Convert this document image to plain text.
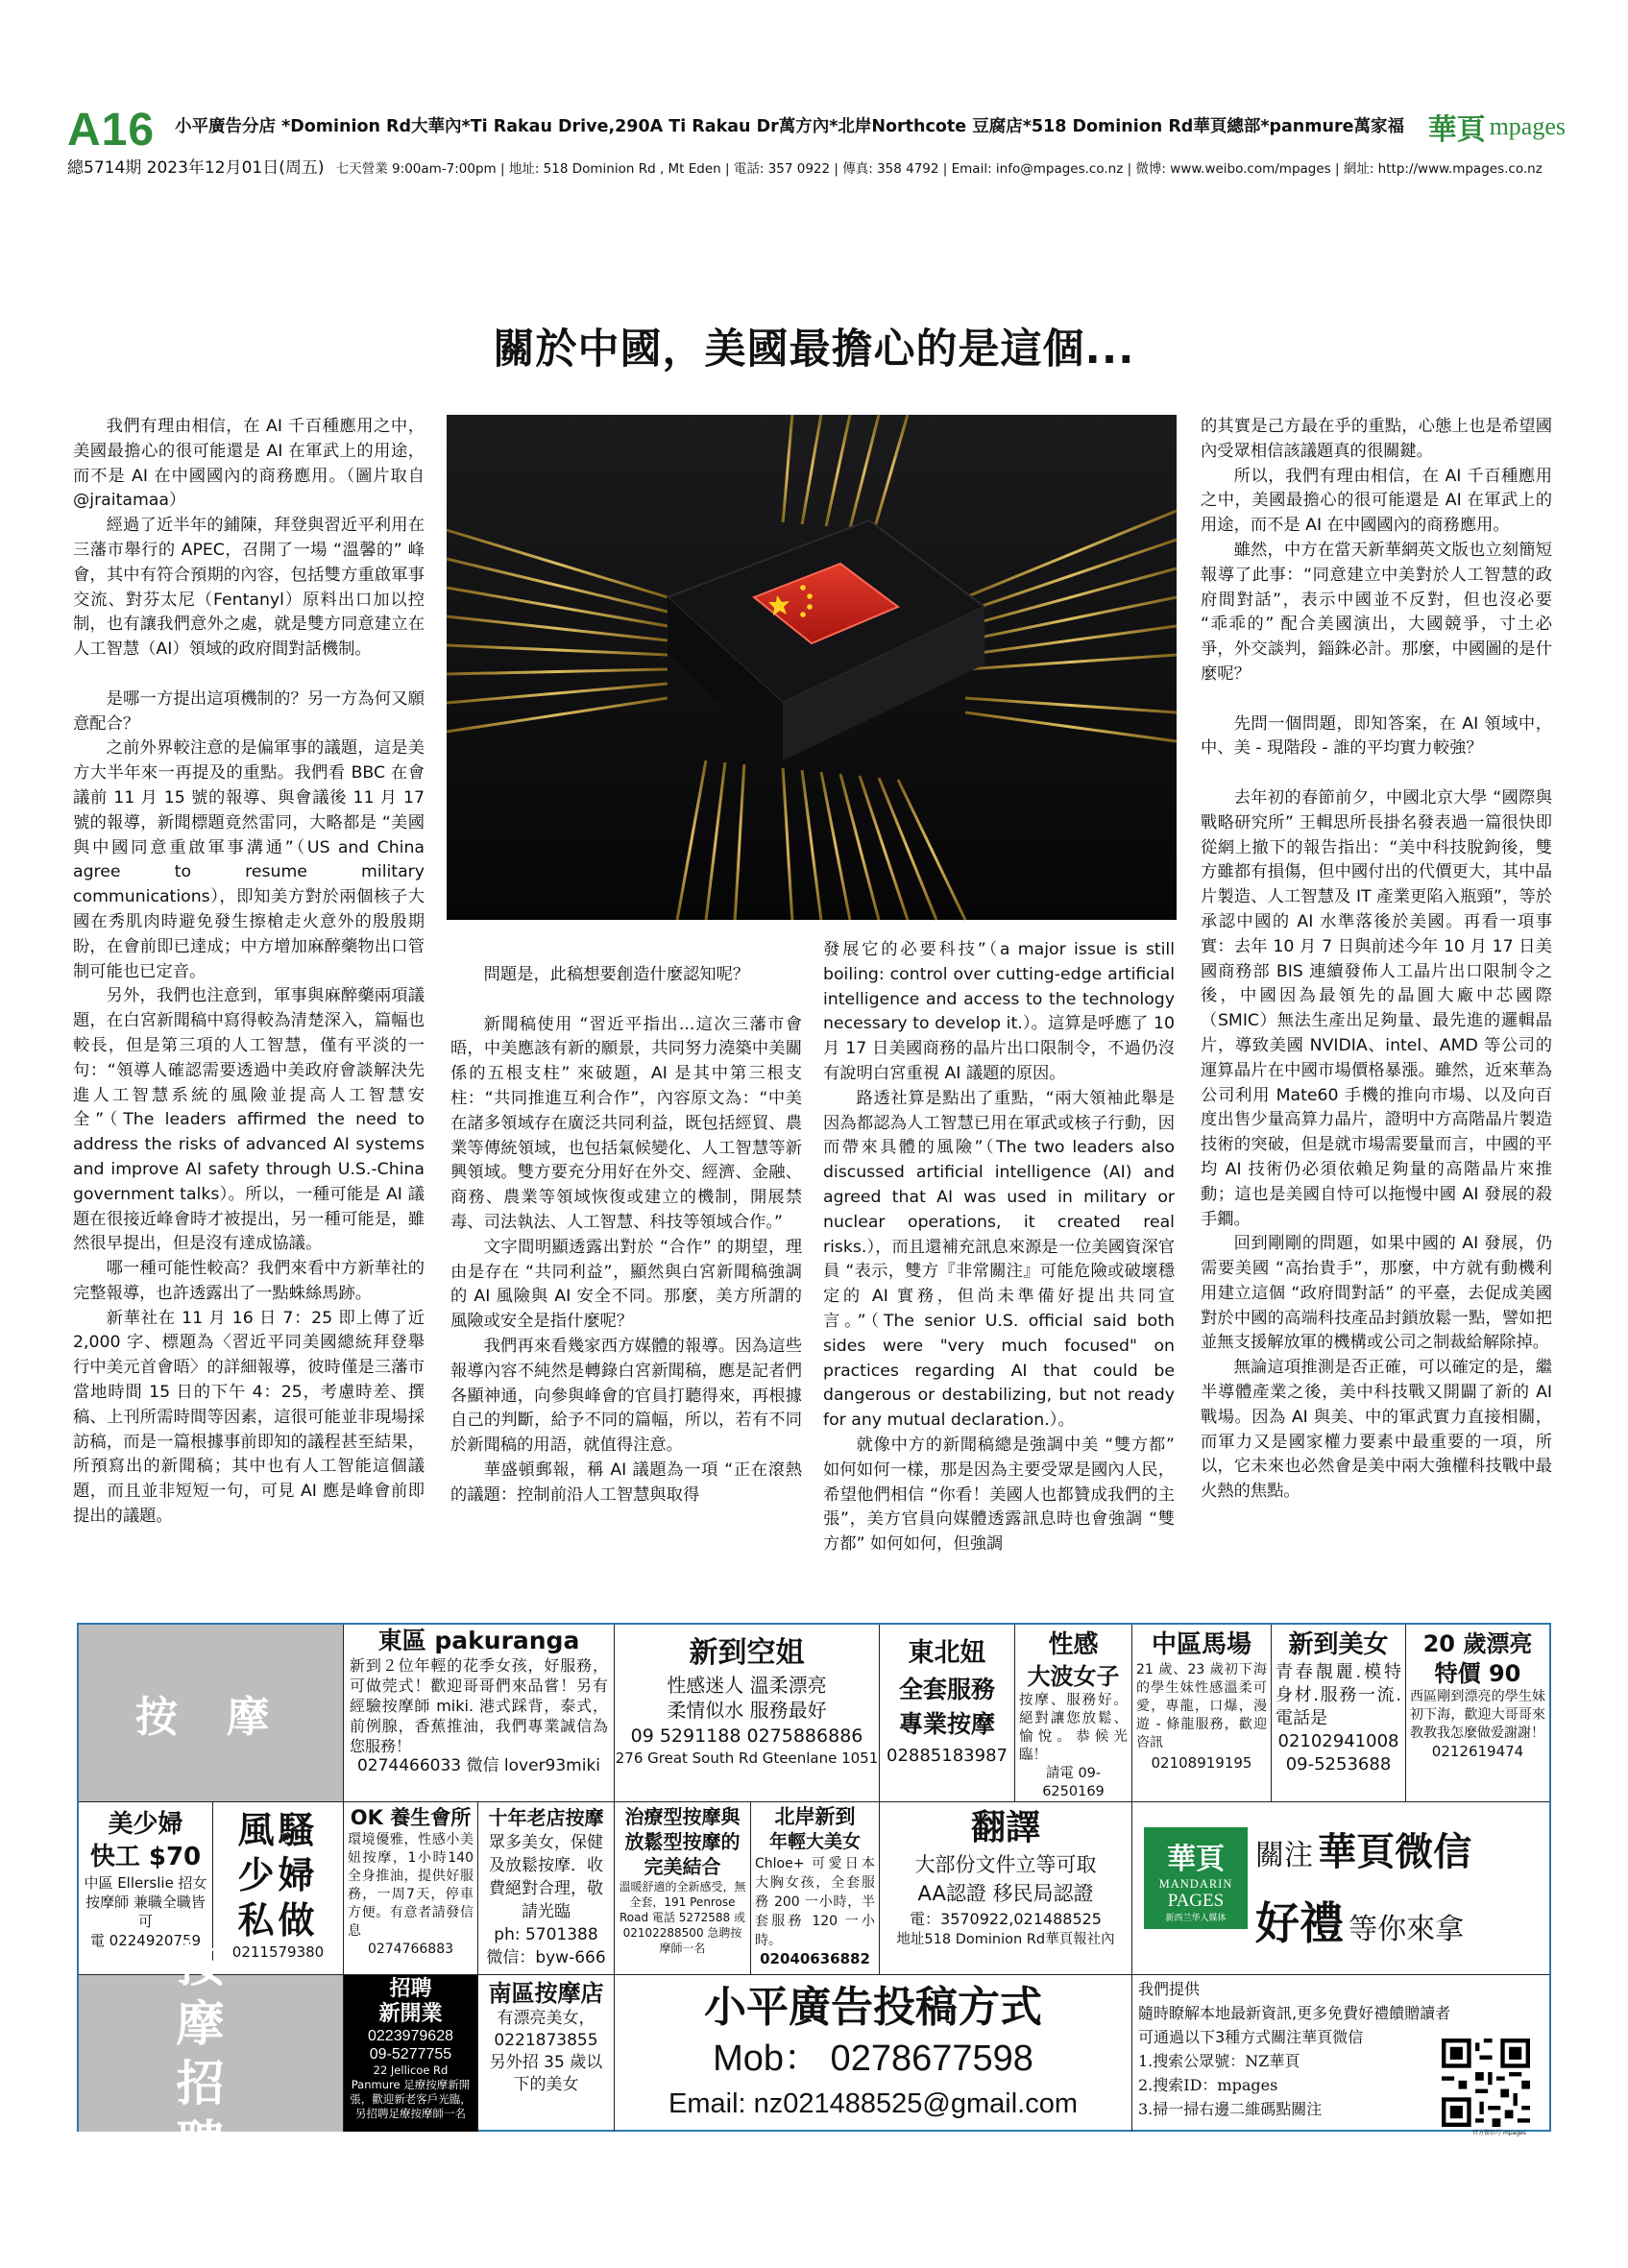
A16 小平廣告分店 *Dominion Rd大華內*Ti Rakau Drive,290A Ti Rakau Dr萬方內*北岸Northcote 豆腐店*518 Dominion Rd華頁總部*panmure萬家福
總5714期 2023年12月01日(周五) 七天營業 9:00am-7:00pm | 地址: 518 Dominion Rd , Mt Eden | 電話: 357 0922 | 傳真: 358 4792 | Email: info@mpages.co.nz | 微博: www.weibo.com/mpages | 網址: http://www.mpages.co.nz
華頁 mpages
關於中國，美國最擔心的是這個...

我們有理由相信，在 AI 千百種應用之中，美國最擔心的很可能還是 AI 在軍武上的用途，而不是 AI 在中國國內的商務應用。（圖片取自 @jraitamaa）

經過了近半年的鋪陳，拜登與習近平利用在三藩市舉行的 APEC，召開了一場 “溫馨的” 峰會，其中有符合預期的內容，包括雙方重啟軍事交流、對芬太尼（Fentanyl）原料出口加以控制，也有讓我們意外之處，就是雙方同意建立在人工智慧（AI）領域的政府間對話機制。

是哪一方提出這項機制的？另一方為何又願意配合？

之前外界較注意的是偏軍事的議題，這是美方大半年來一再提及的重點。我們看 BBC 在會議前 11 月 15 號的報導、與會議後 11 月 17 號的報導，新聞標題竟然雷同，大略都是 “美國與中國同意重啟軍事溝通”（US and China agree to resume military communications），即知美方對於兩個核子大國在秀肌肉時避免發生擦槍走火意外的殷殷期盼，在會前即已達成；中方增加麻醉藥物出口管制可能也已定音。

另外，我們也注意到，軍事與麻醉藥兩項議題，在白宮新聞稿中寫得較為清楚深入，篇幅也較長，但是第三項的人工智慧，僅有平淡的一句：“領導人確認需要透過中美政府會談解決先進人工智慧系統的風險並提高人工智慧安全”（The leaders affirmed the need to address the risks of advanced AI systems and improve AI safety through U.S.-China government talks）。所以，一種可能是 AI 議題在很接近峰會時才被提出，另一種可能是，雖然很早提出，但是沒有達成協議。

哪一種可能性較高？我們來看中方新華社的完整報導，也許透露出了一點蛛絲馬跡。

新華社在 11 月 16 日 7：25 即上傳了近 2,000 字、標題為〈習近平同美國總統拜登舉行中美元首會晤〉的詳細報導，彼時僅是三藩市當地時間 15 日的下午 4：25，考慮時差、撰稿、上刊所需時間等因素，這很可能並非現場採訪稿，而是一篇根據事前即知的議程甚至結果，所預寫出的新聞稿；其中也有人工智能這個議題，而且並非短短一句，可見 AI 應是峰會前即提出的議題。

問題是，此稿想要創造什麼認知呢？

新聞稿使用 “習近平指出...這次三藩市會晤，中美應該有新的願景，共同努力澆築中美關係的五根支柱” 來破題，AI 是其中第三根支柱：“共同推進互利合作”，內容原文為：“中美在諸多領域存在廣泛共同利益，既包括經貿、農業等傳統領域，也包括氣候變化、人工智慧等新興領域。雙方要充分用好在外交、經濟、金融、商務、農業等領域恢復或建立的機制，開展禁毒、司法執法、人工智慧、科技等領域合作。”

文字間明顯透露出對於 “合作” 的期望，理由是存在 “共同利益”，顯然與白宮新聞稿強調的 AI 風險與 AI 安全不同。那麼，美方所謂的風險或安全是指什麼呢？

我們再來看幾家西方媒體的報導。因為這些報導內容不純然是轉錄白宮新聞稿，應是記者們各顯神通，向參與峰會的官員打聽得來，再根據自己的判斷，給予不同的篇幅，所以，若有不同於新聞稿的用語，就值得注意。

華盛頓郵報，稱 AI 議題為一項 “正在滾熱的議題：控制前沿人工智慧與取得

發展它的必要科技”（a major issue is still boiling: control over cutting-edge artificial intelligence and access to the technology necessary to develop it.）。這算是呼應了 10 月 17 日美國商務的晶片出口限制令，不過仍沒有說明白宮重視 AI 議題的原因。

路透社算是點出了重點，“兩大領袖此舉是因為都認為人工智慧已用在軍武或核子行動，因而帶來具體的風險”（The two leaders also discussed artificial intelligence (AI) and agreed that AI was used in military or nuclear operations, it created real risks.），而且還補充訊息來源是一位美國資深官員 “表示，雙方『非常關注』可能危險或破壞穩定的 AI 實務，但尚未準備好提出共同宣言。”（The senior U.S. official said both sides were "very much focused" on practices regarding AI that could be dangerous or destabilizing, but not ready for any mutual declaration.）。

就像中方的新聞稿總是強調中美 “雙方都” 如何如何一樣，那是因為主要受眾是國內人民，希望他們相信 “你看！美國人也都贊成我們的主張”，美方官員向媒體透露訊息時也會強調 “雙方都” 如何如何，但強調

的其實是己方最在乎的重點，心態上也是希望國內受眾相信該議題真的很關鍵。

所以，我們有理由相信，在 AI 千百種應用之中，美國最擔心的很可能還是 AI 在軍武上的用途，而不是 AI 在中國國內的商務應用。

雖然，中方在當天新華網英文版也立刻簡短報導了此事：“同意建立中美對於人工智慧的政府間對話”，表示中國並不反對，但也沒必要 “乖乖的” 配合美國演出，大國競爭，寸土必爭，外交談判，錙銖必計。那麼，中國圖的是什麼呢？

先問一個問題，即知答案，在 AI 領域中，中、美 - 現階段 - 誰的平均實力較強？

去年初的春節前夕，中國北京大學 “國際與戰略研究所” 王輯思所長掛名發表過一篇很快即從網上撤下的報告指出：“美中科技脫鉤後，雙方雖都有損傷，但中國付出的代價更大，其中晶片製造、人工智慧及 IT 產業更陷入瓶頸”，等於承認中國的 AI 水準落後於美國。再看一項事實：去年 10 月 7 日與前述今年 10 月 17 日美國商務部 BIS 連續發佈人工晶片出口限制令之後，中國因為最領先的晶圓大廠中芯國際（SMIC）無法生產出足夠量、最先進的邏輯晶片，導致美國 NVIDIA、intel、AMD 等公司的運算晶片在中國市場價格暴漲。雖然，近來華為公司利用 Mate60 手機的推向市場、以及向百度出售少量高算力晶片，證明中方高階晶片製造技術的突破，但是就市場需要量而言，中國的平均 AI 技術仍必須依賴足夠量的高階晶片來推動；這也是美國自恃可以拖慢中國 AI 發展的殺手鐧。

回到剛剛的問題，如果中國的 AI 發展，仍需要美國 “高抬貴手”，那麼，中方就有動機利用建立這個 “政府間對話” 的平臺，去促成美國對於中國的高端科技產品封鎖放鬆一點，譬如把並無支援解放軍的機構或公司之制裁給解除掉。

無論這項推測是否正確，可以確定的是，繼半導體產業之後，美中科技戰又開闢了新的 AI 戰場。因為 AI 與美、中的軍武實力直接相關，而軍力又是國家權力要素中最重要的一項，所以，它未來也必然會是美中兩大強權科技戰中最火熱的焦點。

按 摩
東區 pakuranga
新到２位年輕的花季女孩，好服務，可做莞式！歡迎哥哥們來品嘗！另有經驗按摩師 miki. 港式踩背，泰式，前例腺，香蕉推油，我們專業誠信為您服務！
0274466033 微信 lover93miki
新到空姐
性感迷人 溫柔漂亮
柔情似水 服務最好
09 5291188 0275886886
276 Great South Rd Gteenlane 1051
東北妞
全套服務
專業按摩
02885183987
性感
大波女子
按摩、服務好。絕對讓您放鬆、愉悅。恭候光臨！
請電 09-6250169
中區馬場
21 歲、23 歲初下海的學生妹性感溫柔可愛，專龍，口爆，漫遊 - 條龍服務，歡迎咨訊
02108919195
新到美女
青春靚麗.模特身材.服務一流.電話是
02102941008
09-5253688
20 歲漂亮
特價 90
西區剛到漂亮的學生妹初下海，歡迎大哥哥來教教我怎麼做爱謝謝！
0212619474
美少婦
快工 $70
中區 Ellerslie 招女按摩師 兼職全職皆可
電 0224920759
風騷少婦私做
0211579380
OK 養生會所
環境優雅，性感小美妞按摩，1小時140全身推油，提供好服務，一周7天，停車方便。有意者請發信息
0274766883
十年老店按摩
眾多美女，保健及放鬆按摩．收費絕對合理，敬請光臨
ph: 5701388
微信：byw-666
治療型按摩與放鬆型按摩的完美結合
溫暖舒適的全新感受，無全套，191 Penrose Road 電話 5272588 或 02102288500 急聘按摩師一名
北岸新到
年輕大美女
Chloe+ 可愛日本大胸女孩，全套服務 200 一小時，半套服務 120 一小時。
02040636882
翻譯
大部份文件立等可取
AA認證 移民局認證
電：3570922,021488525
地址518 Dominion Rd華頁報社內
華頁
MANDARIN
PAGES
新西兰华人媒体
關注 華頁微信
好禮 等你來拿
按 摩 招 聘
招聘
新開業
0223979628
09-5277755
22 Jellicoe Rd Panmure 足療按摩新開張，歡迎新老客戶光臨，另招聘足療按摩師一名
南區按摩店
有漂亮美女，
0221873855
另外招 35 歲以下的美女
小平廣告投稿方式
Mob： 0278677598
Email: nz021488525@gmail.com
我們提供
隨時瞭解本地最新資訊,更多免費好禮饋贈讀者
可通過以下3種方式關注華頁微信
1.搜索公眾號：NZ華頁
2.搜索ID：mpages
3.掃一掃右邊二維碼點關注
官方微信号 mpages
